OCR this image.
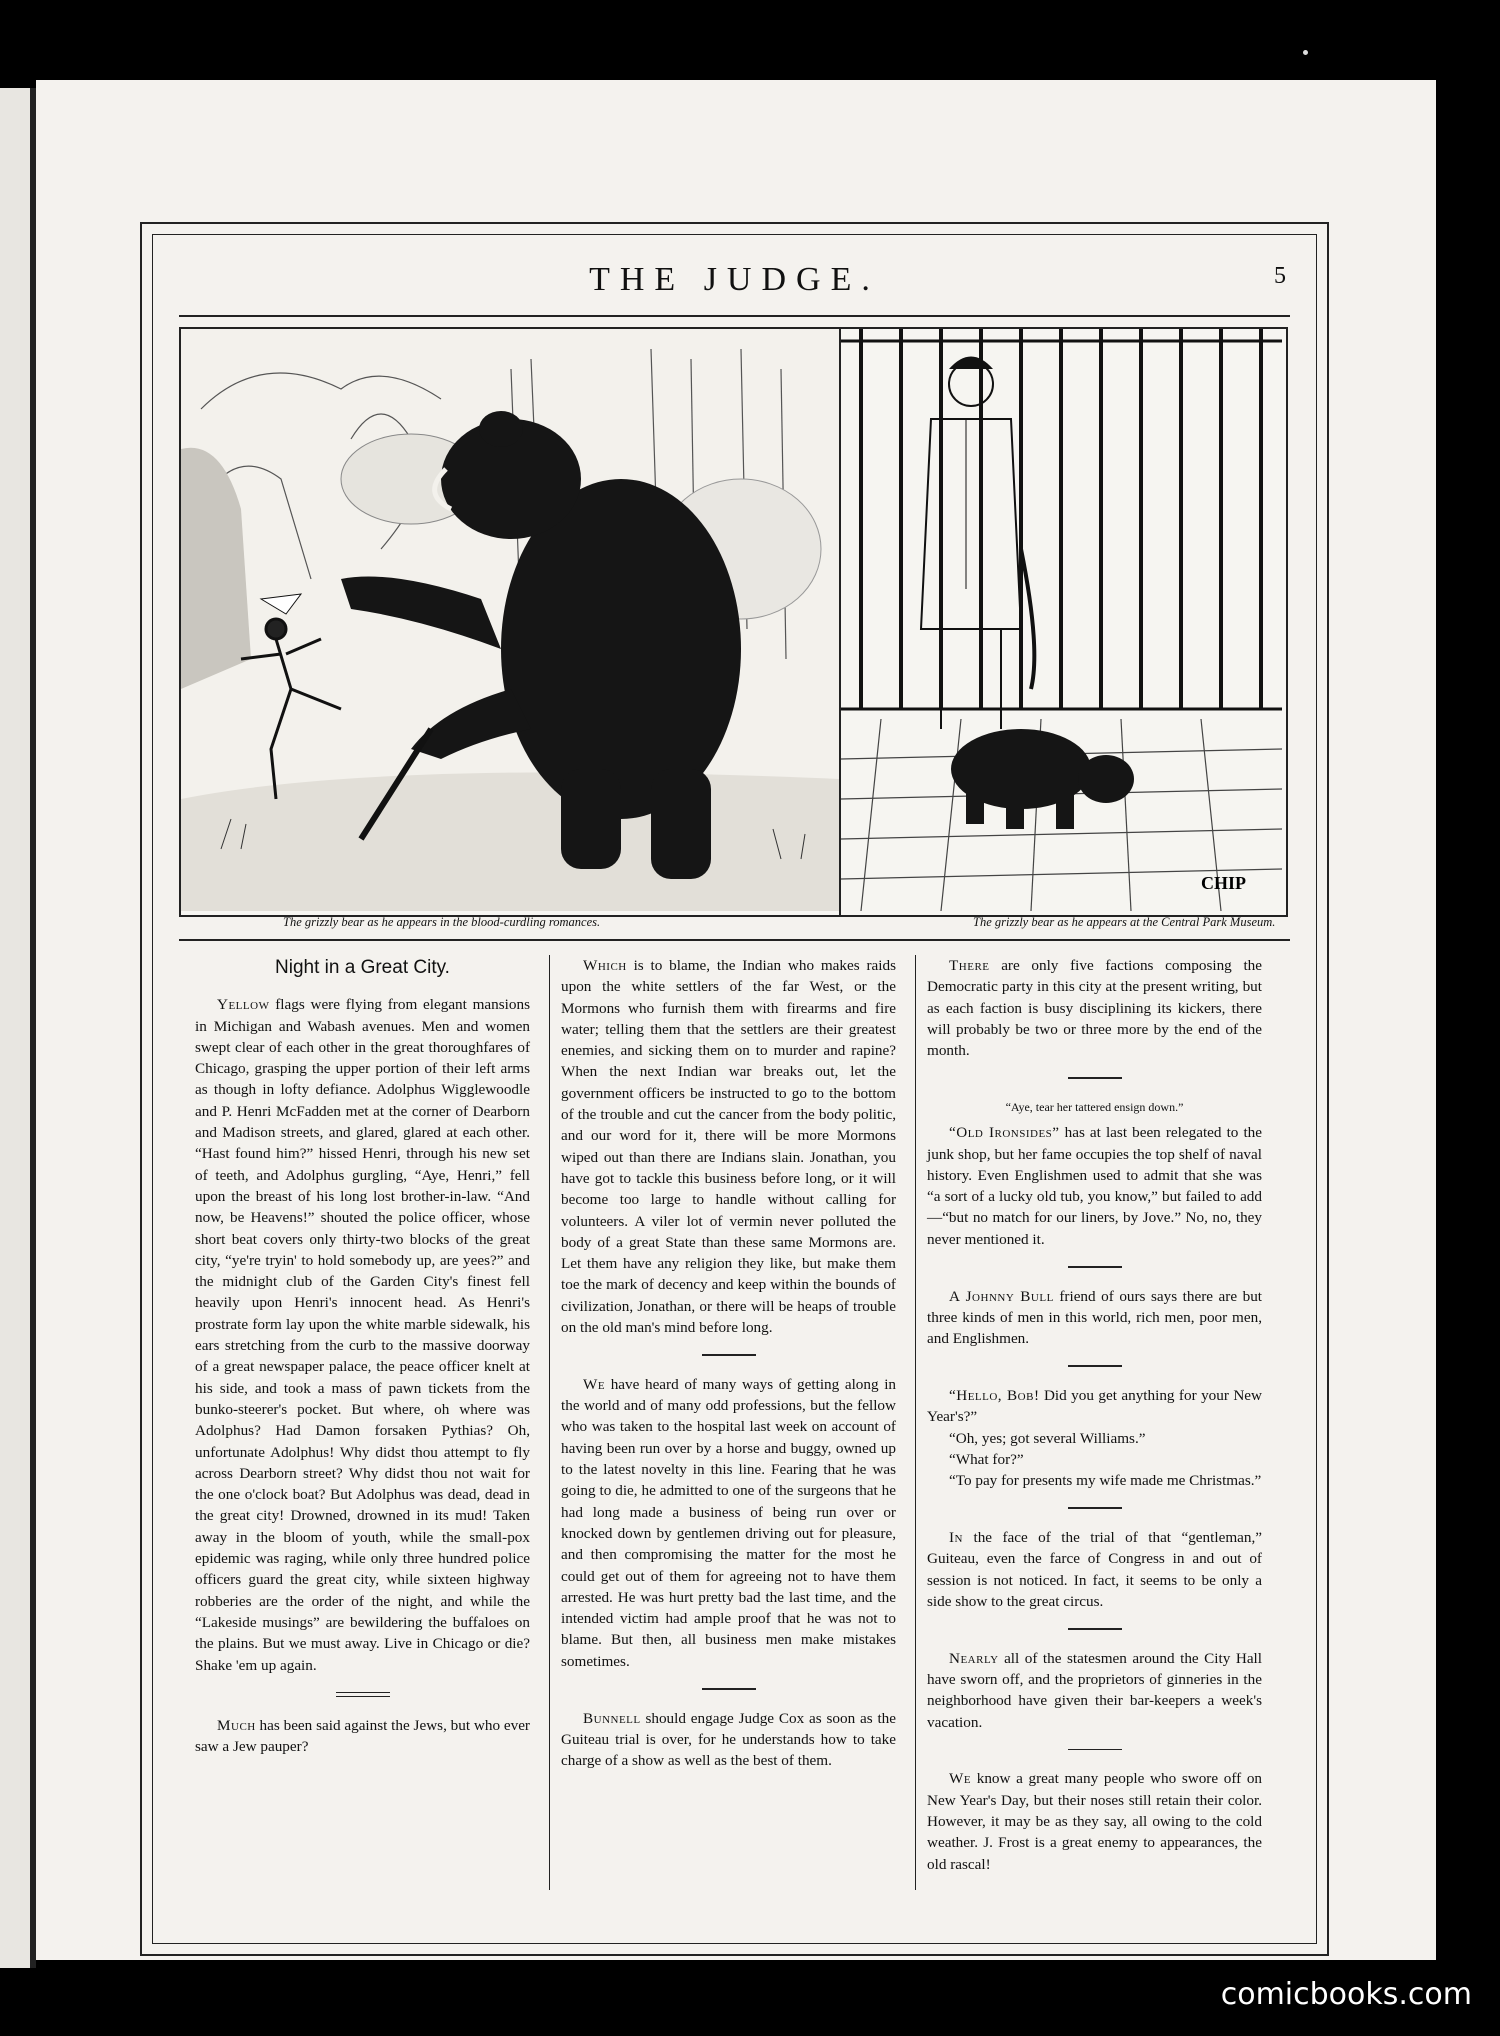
THE JUDGE.	5
CHIP
The grizzly bear as he appears in the blood-curdling romances.	The grizzly bear as he appears at the Central Park Museum.
Night in a Great City.

Yellow flags were flying from elegant mansions in Michigan and Wabash avenues. Men and women swept clear of each other in the great thoroughfares of Chicago, grasping the upper portion of their left arms as though in lofty defiance. Adolphus Wigglewoodle and P. Henri McFadden met at the corner of Dearborn and Madison streets, and glared, glared at each other. “Hast found him?” hissed Henri, through his new set of teeth, and Adolphus gurgling, “Aye, Henri,” fell upon the breast of his long lost brother-in-law. “And now, be Heavens!” shouted the police officer, whose short beat covers only thirty-two blocks of the great city, “ye're tryin' to hold somebody up, are yees?” and the midnight club of the Garden City's finest fell heavily upon Henri's innocent head. As Henri's prostrate form lay upon the white marble sidewalk, his ears stretching from the curb to the massive doorway of a great newspaper palace, the peace officer knelt at his side, and took a mass of pawn tickets from the bunko-steerer's pocket. But where, oh where was Adolphus? Had Damon forsaken Pythias? Oh, unfortunate Adolphus! Why didst thou attempt to fly across Dearborn street? Why didst thou not wait for the one o'clock boat? But Adolphus was dead, dead in the great city! Drowned, drowned in its mud! Taken away in the bloom of youth, while the small-pox epidemic was raging, while only three hundred police officers guard the great city, while sixteen highway robberies are the order of the night, and while the “Lakeside musings” are bewildering the buffaloes on the plains. But we must away. Live in Chicago or die? Shake 'em up again.

Much has been said against the Jews, but who ever saw a Jew pauper?

Which is to blame, the Indian who makes raids upon the white settlers of the far West, or the Mormons who furnish them with firearms and fire water; telling them that the settlers are their greatest enemies, and sicking them on to murder and rapine? When the next Indian war breaks out, let the government officers be instructed to go to the bottom of the trouble and cut the cancer from the body politic, and our word for it, there will be more Mormons wiped out than there are Indians slain. Jonathan, you have got to tackle this business before long, or it will become too large to handle without calling for volunteers. A viler lot of vermin never polluted the body of a great State than these same Mormons are. Let them have any religion they like, but make them toe the mark of decency and keep within the bounds of civilization, Jonathan, or there will be heaps of trouble on the old man's mind before long.

We have heard of many ways of getting along in the world and of many odd professions, but the fellow who was taken to the hospital last week on account of having been run over by a horse and buggy, owned up to the latest novelty in this line. Fearing that he was going to die, he admitted to one of the surgeons that he had long made a business of being run over or knocked down by gentlemen driving out for pleasure, and then compromising the matter for the most he could get out of them for agreeing not to have them arrested. He was hurt pretty bad the last time, and the intended victim had ample proof that he was not to blame. But then, all business men make mistakes sometimes.

Bunnell should engage Judge Cox as soon as the Guiteau trial is over, for he understands how to take charge of a show as well as the best of them.

There are only five factions composing the Democratic party in this city at the present writing, but as each faction is busy disciplining its kickers, there will probably be two or three more by the end of the month.

“Aye, tear her tattered ensign down.”

“Old Ironsides” has at last been relegated to the junk shop, but her fame occupies the top shelf of naval history. Even Englishmen used to admit that she was “a sort of a lucky old tub, you know,” but failed to add—“but no match for our liners, by Jove.” No, no, they never mentioned it.

A Johnny Bull friend of ours says there are but three kinds of men in this world, rich men, poor men, and Englishmen.

“Hello, Bob! Did you get anything for your New Year's?”

“Oh, yes; got several Williams.”

“What for?”

“To pay for presents my wife made me Christmas.”

In the face of the trial of that “gentleman,” Guiteau, even the farce of Congress in and out of session is not noticed. In fact, it seems to be only a side show to the great circus.

Nearly all of the statesmen around the City Hall have sworn off, and the proprietors of ginneries in the neighborhood have given their bar-keepers a week's vacation.

We know a great many people who swore off on New Year's Day, but their noses still retain their color. However, it may be as they say, all owing to the cold weather. J. Frost is a great enemy to appearances, the old rascal!

comicbooks.com
